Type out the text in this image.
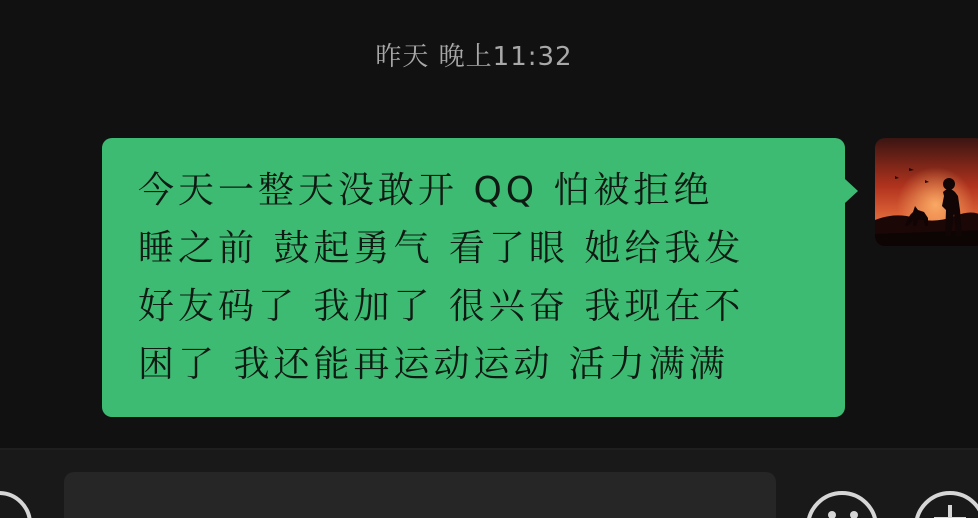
昨天 晚上11:32
今天一整天没敢开 QQ 怕被拒绝
睡之前 鼓起勇气 看了眼 她给我发
好友码了 我加了 很兴奋 我现在不
困了 我还能再运动运动 活力满满
